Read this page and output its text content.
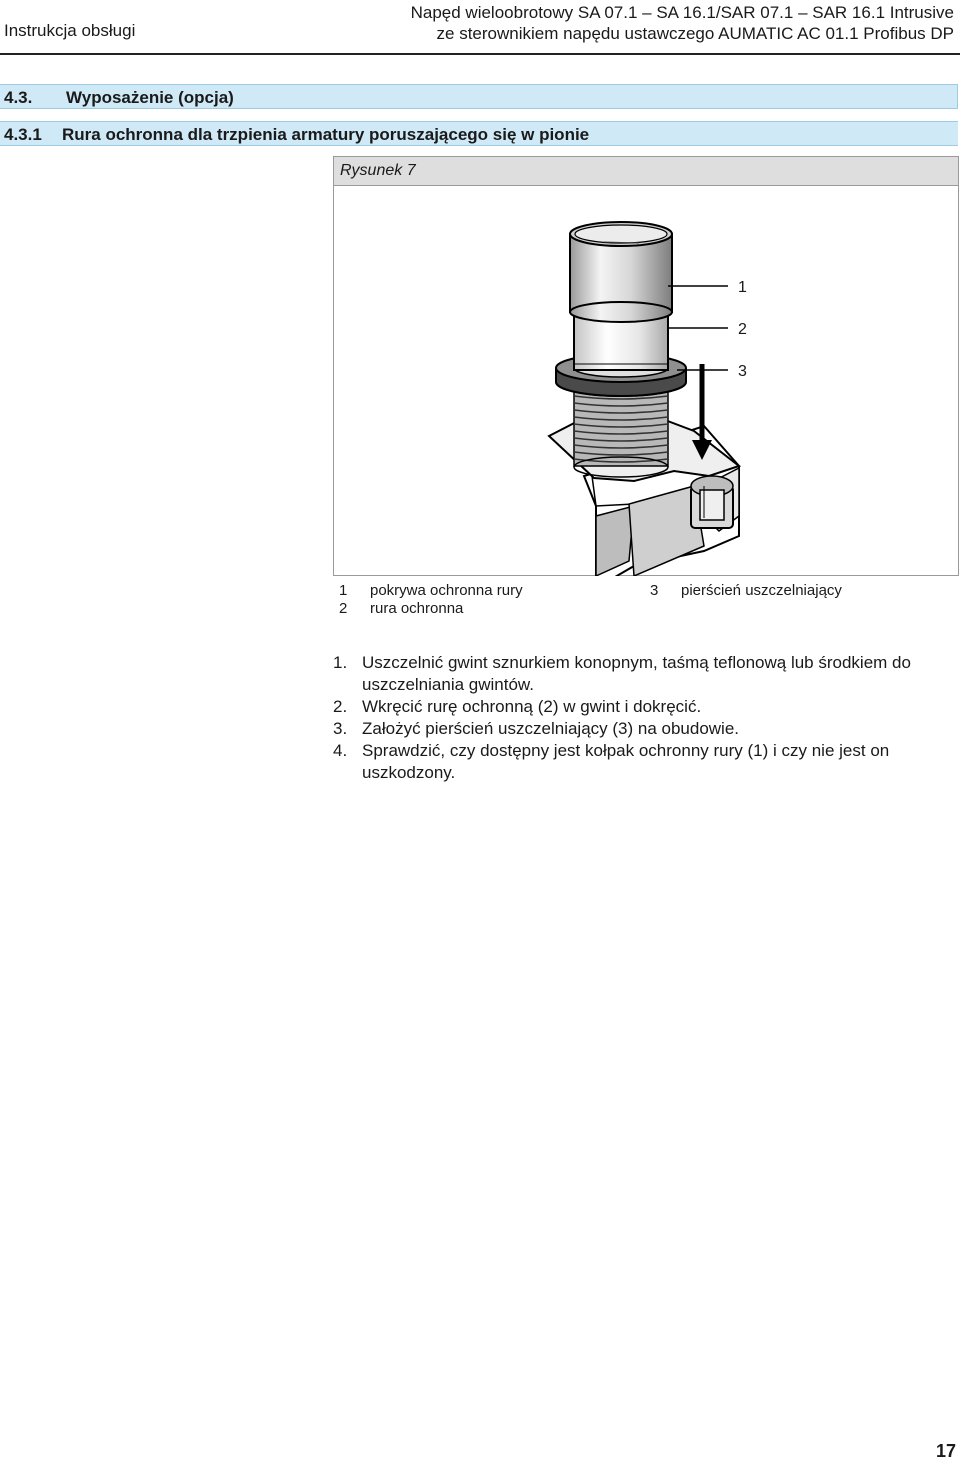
Instrukcja obsługi
Napęd wieloobrotowy SA 07.1 – SA 16.1/SAR 07.1 – SAR 16.1 Intrusive
ze sterownikiem napędu ustawczego AUMATIC AC 01.1 Profibus DP
4.3. Wyposażenie (opcja)
4.3.1 Rura ochronna dla trzpienia armatury poruszającego się w pionie
Rysunek 7
1
2
3
1 pokrywa ochronna rury
2 rura ochronna
3 pierścień uszczelniający
1. Uszczelnić gwint sznurkiem konopnym, taśmą teflonową lub środkiem do uszczelniania gwintów.
2. Wkręcić rurę ochronną (2) w gwint i dokręcić.
3. Założyć pierścień uszczelniający (3) na obudowie.
4. Sprawdzić, czy dostępny jest kołpak ochronny rury (1) i czy nie jest on uszkodzony.
17
